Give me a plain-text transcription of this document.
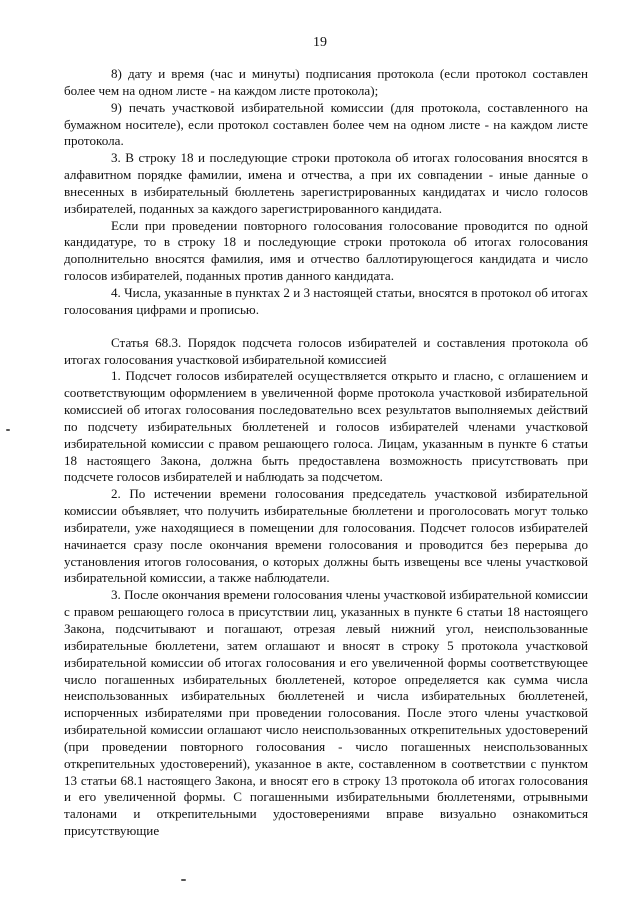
19

8) дату и время (час и минуты) подписания протокола (если протокол составлен более чем на одном листе - на каждом листе протокола);

9) печать участковой избирательной комиссии (для протокола, составленного на бумажном носителе), если протокол составлен более чем на одном листе - на каждом листе протокола.

3. В строку 18 и последующие строки протокола об итогах голосования вносятся в алфавитном порядке фамилии, имена и отчества, а при их совпадении - иные данные о внесенных в избирательный бюллетень зарегистрированных кандидатах и число голосов избирателей, поданных за каждого зарегистрированного кандидата.

Если при проведении повторного голосования голосование проводится по одной кандидатуре, то в строку 18 и последующие строки протокола об итогах голосования дополнительно вносятся фамилия, имя и отчество баллотирующегося кандидата и число голосов избирателей, поданных против данного кандидата.

4. Числа, указанные в пунктах 2 и 3 настоящей статьи, вносятся в протокол об итогах голосования цифрами и прописью.

Статья 68.3. Порядок подсчета голосов избирателей и составления протокола об итогах голосования участковой избирательной комиссией

1. Подсчет голосов избирателей осуществляется открыто и гласно, с оглашением и соответствующим оформлением в увеличенной форме протокола участковой избирательной комиссией об итогах голосования последовательно всех результатов выполняемых действий по подсчету избирательных бюллетеней и голосов избирателей членами участковой избирательной комиссии с правом решающего голоса. Лицам, указанным в пункте 6 статьи 18 настоящего Закона, должна быть предоставлена возможность присутствовать при подсчете голосов избирателей и наблюдать за подсчетом.

2. По истечении времени голосования председатель участковой избирательной комиссии объявляет, что получить избирательные бюллетени и проголосовать могут только избиратели, уже находящиеся в помещении для голосования. Подсчет голосов избирателей начинается сразу после окончания времени голосования и проводится без перерыва до установления итогов голосования, о которых должны быть извещены все члены участковой избирательной комиссии, а также наблюдатели.

3. После окончания времени голосования члены участковой избирательной комиссии с правом решающего голоса в присутствии лиц, указанных в пункте 6 статьи 18 настоящего Закона, подсчитывают и погашают, отрезая левый нижний угол, неиспользованные избирательные бюллетени, затем оглашают и вносят в строку 5 протокола участковой избирательной комиссии об итогах голосования и его увеличенной формы соответствующее число погашенных избирательных бюллетеней, которое определяется как сумма числа неиспользованных избирательных бюллетеней и числа избирательных бюллетеней, испорченных избирателями при проведении голосования. После этого члены участковой избирательной комиссии оглашают число неиспользованных открепительных удостоверений (при проведении повторного голосования - число погашенных неиспользованных открепительных удостоверений), указанное в акте, составленном в соответствии с пунктом 13 статьи 68.1 настоящего Закона, и вносят его в строку 13 протокола об итогах голосования и его увеличенной формы. С погашенными избирательными бюллетенями, отрывными талонами и открепительными удостоверениями вправе визуально ознакомиться присутствующие
